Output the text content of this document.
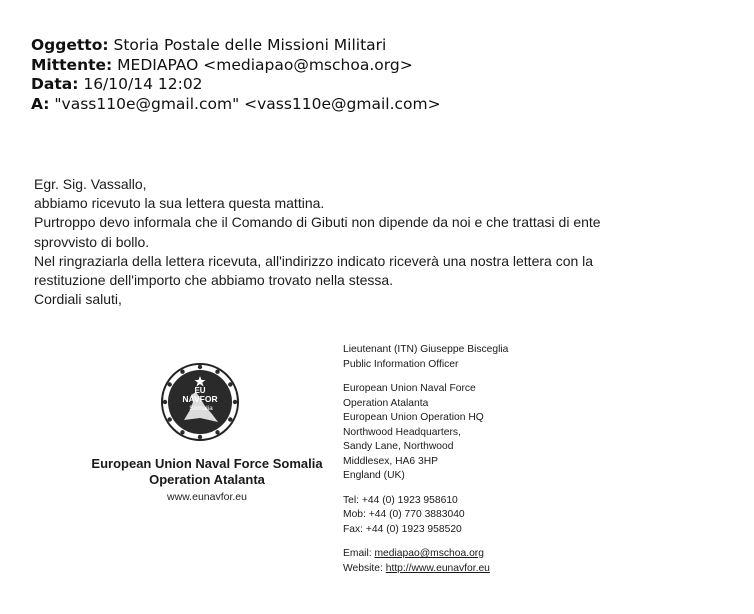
Oggetto: Storia Postale delle Missioni Militari
Mittente: MEDIAPAO <mediapao@mschoa.org>
Data: 16/10/14 12:02
A: "vass110e@gmail.com" <vass110e@gmail.com>
Egr. Sig. Vassallo,
abbiamo ricevuto la sua lettera questa mattina.
Purtroppo devo informala che il Comando di Gibuti non dipende da noi e che trattasi di ente
sprovvisto di bollo.
Nel ringraziarla della lettera ricevuta, all'indirizzo indicato riceverà una nostra lettera con la
restituzione dell'importo che abbiamo trovato nella stessa.
Cordiali saluti,
EU
NAVFOR
Somalia
European Union Naval Force Somalia
Operation Atalanta
www.eunavfor.eu
Lieutenant (ITN) Giuseppe Bisceglia
Public Information Officer
European Union Naval Force
Operation Atalanta
European Union Operation HQ
Northwood Headquarters,
Sandy Lane, Northwood
Middlesex, HA6 3HP
England (UK)
Tel: +44 (0) 1923 958610
Mob: +44 (0) 770 3883040
Fax: +44 (0) 1923 958520
Email: mediapao@mschoa.org
Website: http://www.eunavfor.eu
